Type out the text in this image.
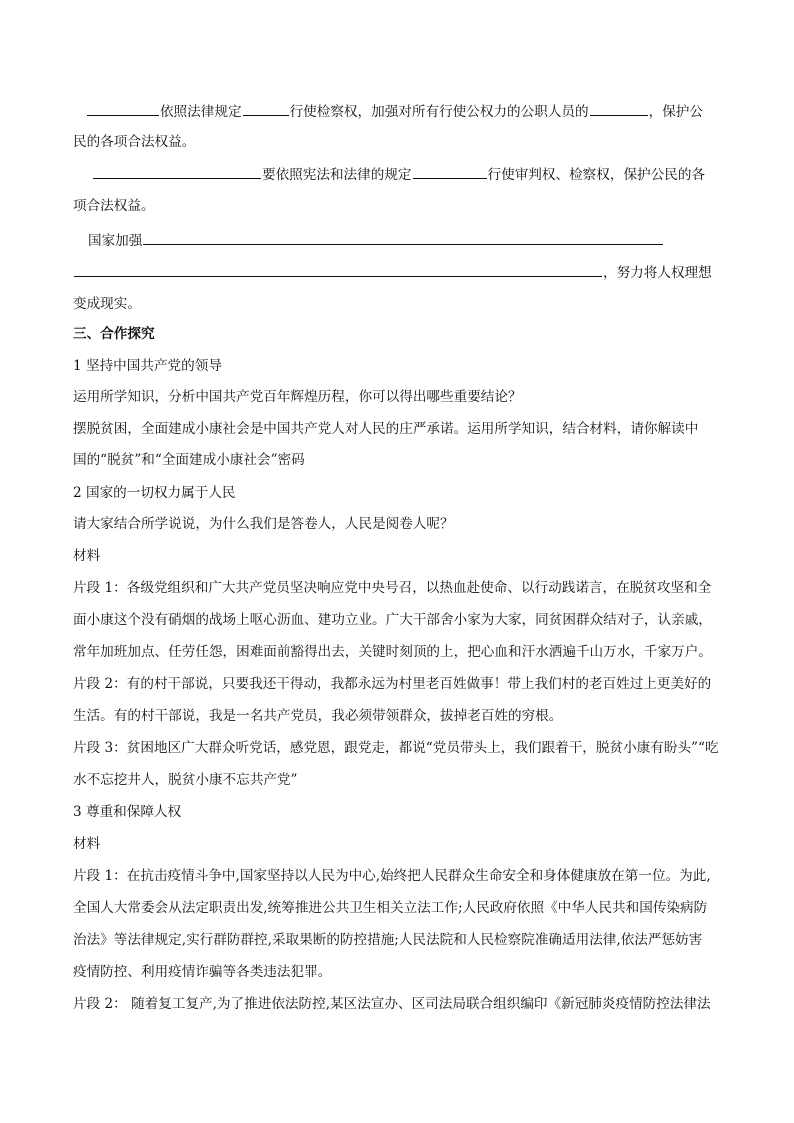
依照法律规定	行使检察权，加强对所有行使公权力的公职人员的	，保护公
民的各项合法权益。
要依照宪法和法律的规定	行使审判权、检察权，保护公民的各
项合法权益。
国家加强
，努力将人权理想
变成现实。
三、合作探究
1 坚持中国共产党的领导
运用所学知识，分析中国共产党百年辉煌历程，你可以得出哪些重要结论？
摆脱贫困，全面建成小康社会是中国共产党人对人民的庄严承诺。运用所学知识，结合材料，请你解读中
国的“脱贫”和“全面建成小康社会”密码
2 国家的一切权力属于人民
请大家结合所学说说，为什么我们是答卷人，人民是阅卷人呢？
材料
片段 1：各级党组织和广大共产党员坚决响应党中央号召，以热血赴使命、以行动践诺言，在脱贫攻坚和全
面小康这个没有硝烟的战场上呕心沥血、建功立业。广大干部舍小家为大家，同贫困群众结对子，认亲戚，
常年加班加点、任劳任怨，困难面前豁得出去，关键时刻顶的上，把心血和汗水洒遍千山万水，千家万户。
片段 2：有的村干部说，只要我还干得动，我都永远为村里老百姓做事！带上我们村的老百姓过上更美好的
生活。有的村干部说，我是一名共产党员，我必须带领群众，拔掉老百姓的穷根。
片段 3：贫困地区广大群众听党话，感党恩，跟党走，都说“党员带头上，我们跟着干，脱贫小康有盼头”“吃
水不忘挖井人，脱贫小康不忘共产党”
3 尊重和保障人权
材料
片段 1：在抗击疫情斗争中,国家坚持以人民为中心,始终把人民群众生命安全和身体健康放在第一位。为此,
全国人大常委会从法定职责出发,统筹推进公共卫生相关立法工作;人民政府依照《中华人民共和国传染病防
治法》等法律规定,实行群防群控,采取果断的防控措施;人民法院和人民检察院准确适用法律,依法严惩妨害
疫情防控、利用疫情诈骗等各类违法犯罪。
片段 2： 随着复工复产,为了推进依法防控,某区法宣办、区司法局联合组织编印《新冠肺炎疫情防控法律法
